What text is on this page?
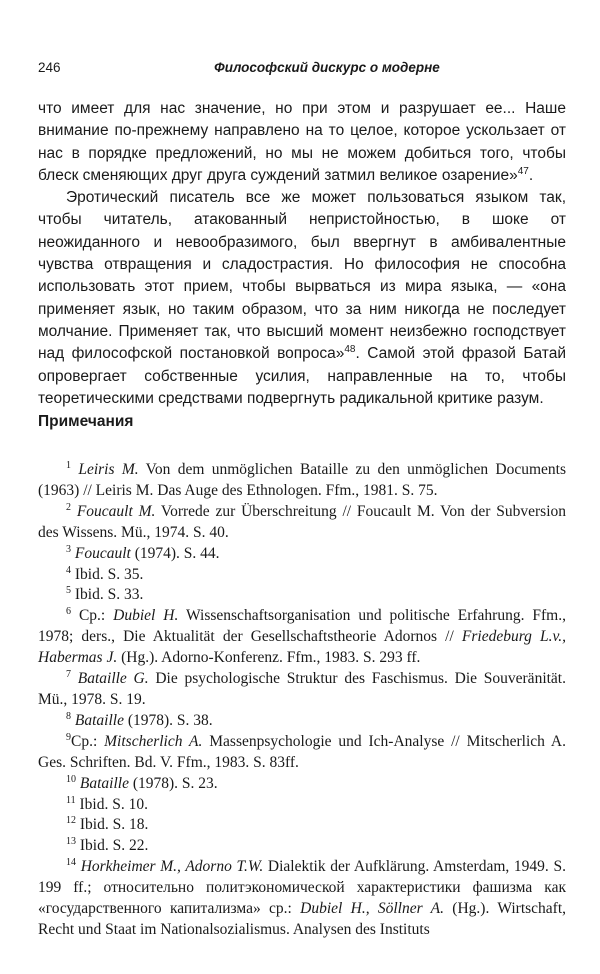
246	Философский дискурс о модерне

что имеет для нас значение, но при этом и разрушает ее... Наше внимание по-прежнему направлено на то целое, которое ускользает от нас в порядке предложений, но мы не можем добиться того, чтобы блеск сменяющих друг друга суждений затмил великое озарение»$^{47}$.

Эротический писатель все же может пользоваться языком так, чтобы читатель, атакованный непристойностью, в шоке от неожиданного и невообразимого, был ввергнут в амбивалентные чувства отвращения и сладострастия. Но философия не способна использовать этот прием, чтобы вырваться из мира языка, — «она применяет язык, но таким образом, что за ним никогда не последует молчание. Применяет так, что высший момент неизбежно господствует над философской постановкой вопроса»$^{48}$. Самой этой фразой Батай опровергает собственные усилия, направленные на то, чтобы теоретическими средствами подвергнуть радикальной критике разум.

Примечания

$^1$ Leiris M. Von dem unmöglichen Bataille zu den unmöglichen Documents (1963) // Leiris M. Das Auge des Ethnologen. Ffm., 1981. S. 75.

$^2$ Foucault M. Vorrede zur Überschreitung // Foucault M. Von der Subversion des Wissens. Mü., 1974. S. 40.

$^3$ Foucault (1974). S. 44.

$^4$ Ibid. S. 35.

$^5$ Ibid. S. 33.

$^6$ Ср.: Dubiel H. Wissenschaftsorganisation und politische Erfahrung. Ffm., 1978; ders., Die Aktualität der Gesellschaftstheorie Adornos // Friedeburg L.v., Habermas J. (Hg.). Adorno-Konferenz. Ffm., 1983. S. 293 ff.

$^7$ Bataille G. Die psychologische Struktur des Faschismus. Die Souveränität. Mü., 1978. S. 19.

$^8$ Bataille (1978). S. 38.

$^9$Ср.: Mitscherlich A. Massenpsychologie und Ich-Analyse // Mitscherlich A. Ges. Schriften. Bd. V. Ffm., 1983. S. 83ff.

$^{10}$ Bataille (1978). S. 23.

$^{11}$ Ibid. S. 10.

$^{12}$ Ibid. S. 18.

$^{13}$ Ibid. S. 22.

$^{14}$ Horkheimer M., Adorno T.W. Dialektik der Aufklärung. Amsterdam, 1949. S. 199 ff.; относительно политэкономической характеристики фашизма как «государственного капитализма» ср.: Dubiel H., Söllner A. (Hg.). Wirtschaft, Recht und Staat im Nationalsozialismus. Analysen des Instituts
